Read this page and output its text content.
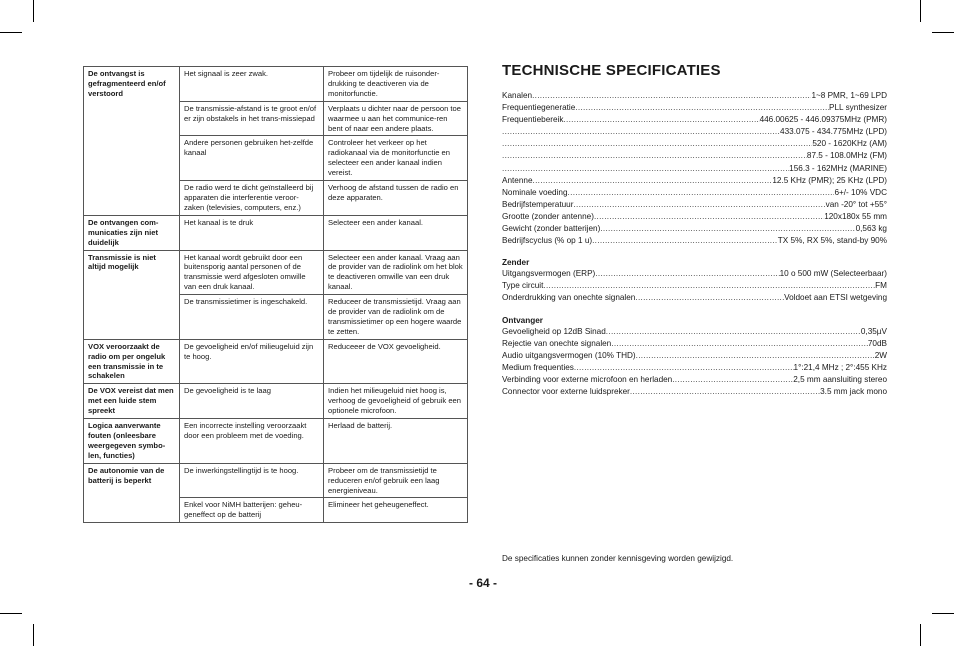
De ontvangst is gefragmenteerd en/of verstoord	Het signaal is zeer zwak.	Probeer om tijdelijk de ruisonder-drukking te deactiveren via de monitorfunctie.
	De transmissie-afstand is te groot en/of er zijn obstakels in het trans-missiepad	Verplaats u dichter naar de persoon toe waarmee u aan het communice-ren bent of naar een andere plaats.
	Andere personen gebruiken het-zelfde kanaal	Controleer het verkeer op het radiokanaal via de monitorfunctie en selecteer een ander kanaal indien vereist.
	De radio werd te dicht geïnstalleerd bij apparaten die interferentie veroor-zaken (televisies, computers, enz.)	Verhoog de afstand tussen de radio en deze apparaten.
De ontvangen com-municaties zijn niet duidelijk	Het kanaal is te druk	Selecteer een ander kanaal.
Transmissie is niet altijd mogelijk	Het kanaal wordt gebruikt door een buitensporig aantal personen of de transmissie werd afgesloten omwille van een druk kanaal.	Selecteer een ander kanaal. Vraag aan de provider van de radiolink om het blok te deactiveren omwille van een druk kanaal.
	De transmissietimer is ingeschakeld.	Reduceer de transmissietijd. Vraag aan de provider van de radiolink om de transmissietimer op een hogere waarde te zetten.
VOX veroorzaakt de radio om per ongeluk een transmissie in te schakelen	De gevoeligheid en/of milieugeluid zijn te hoog.	Reduceeer de VOX gevoeligheid.
De VOX vereist dat men met een luide stem spreekt	De gevoeligheid is te laag	Indien het milieugeluid niet hoog is, verhoog de gevoeligheid of gebruik een optionele microfoon.
Logica aanverwante fouten (onleesbare weergegeven symbo-len, functies)	Een incorrecte instelling veroorzaakt door een probleem met de voeding.	Herlaad de batterij.
De autonomie van de batterij is beperkt	De inwerkingstellingtijd is te hoog.	Probeer om de transmissietijd te reduceren en/of gebruik een laag energieniveau.
	Enkel voor NiMH batterijen: geheu-geneffect op de batterij	Elimineer het geheugeneffect.
TECHNISCHE SPECIFICATIES
Kanalen .....	1~8 PMR, 1~69 LPD
Frequentiegeneratie .....	PLL synthesizer
Frequentiebereik .....	446.00625 - 446.09375MHz (PMR)
.....
433.075 - 434.775MHz (LPD)
.....
520 - 1620KHz (AM)
.....
87.5 - 108.0MHz (FM)
.....
156.3 - 162MHz (MARINE)
Antenne .....	12.5 KHz (PMR); 25 KHz (LPD)
Nominale voeding .....	6+/- 10% VDC
Bedrijfstemperatuur .....	van -20° tot +55°
Grootte (zonder antenne) .....	120x180x 55 mm
Gewicht (zonder batterijen) .....	0,563 kg
Bedrijfscyclus (% op 1 u) .....	TX 5%, RX 5%, stand-by 90%
Zender
Uitgangsvermogen (ERP) .....	10 o 500 mW (Selecteerbaar)
Type circuit .....	FM
Onderdrukking van onechte signalen .....	Voldoet aan ETSI wetgeving
Ontvanger
Gevoeligheid op 12dB Sinad .....	0,35µV
Rejectie van onechte signalen .....	70dB
Audio uitgangsvermogen (10% THD) .....	2W
Medium frequenties .....	1°:21,4 MHz ; 2°:455 KHz
Verbinding voor externe microfoon en herladen .....	2,5 mm aansluiting stereo
Connector voor externe luidspreker .....	3.5 mm jack mono
De specificaties kunnen zonder kennisgeving worden gewijzigd.
- 64 -
